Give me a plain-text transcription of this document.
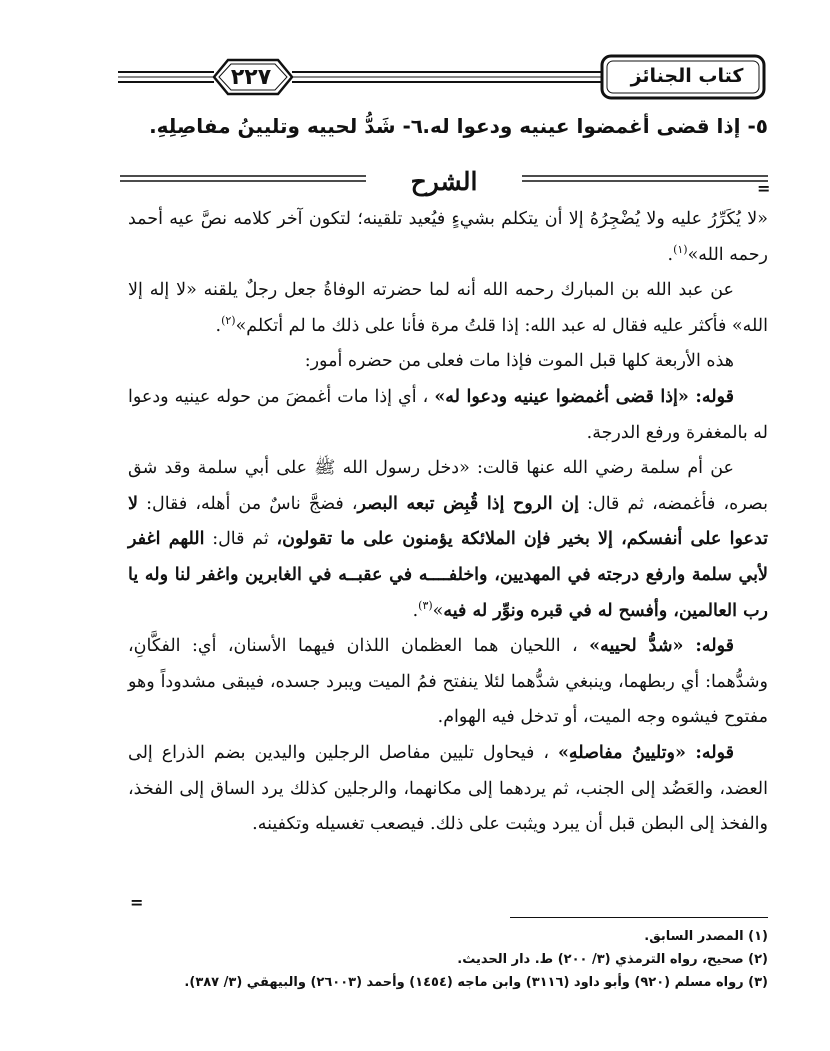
٢٢٧	كتاب الجنائز
٥- إذا قضى أغمضوا عينيه ودعوا له.
٦- شَدُّ لحييه وتليينُ مفاصِلِهِ.
الشرح	=

«لا يُكَرِّرُ عليه ولا يُضْجِرُهُ إلا أن يتكلم بشيءٍ فيُعيد تلقينه؛ لتكون آخر كلامه نصَّ عيه أحمد رحمه الله»$^{(١)}$.

عن عبد الله بن المبارك رحمه الله أنه لما حضرته الوفاةُ جعل رجلٌ يلقنه «لا إله إلا الله» فأكثر عليه فقال له عبد الله: إذا قلتُ مرة فأنا على ذلك ما لم أتكلم»$^{(٢)}$.

هذه الأربعة كلها قبل الموت فإذا مات فعلى من حضره أمور:

قوله: «إذا قضى أغمضوا عينيه ودعوا له» ، أي إذا مات أغمضَ من حوله عينيه ودعوا له بالمغفرة ورفع الدرجة.

عن أم سلمة رضي الله عنها قالت: «دخل رسول الله ﷺ على أبي سلمة وقد شق بصره، فأغمضه، ثم قال: إن الروح إذا قُبِض تبعه البصر، فضجَّ ناسٌ من أهله، فقال: لا تدعوا على أنفسكم، إلا بخير فإن الملائكة يؤمنون على ما تقولون، ثم قال: اللهم اغفر لأبي سلمة وارفع درجته في المهديين، واخلفــــه في عقبــه في الغابرين واغفر لنا وله يا رب العالمين، وأفسح له في قبره ونوِّر له فيه»$^{(٣)}$.

قوله: «شدُّ لحييه» ، اللحيان هما العظمان اللذان فيهما الأسنان، أي: الفكَّانِ، وشدُّهما: أي ربطهما، وينبغي شدُّهما لئلا ينفتح فمُ الميت ويبرد جسده، فيبقى مشدوداً وهو مفتوح فيشوه وجه الميت، أو تدخل فيه الهوام.

قوله: «وتليينُ مفاصلهِ» ، فيحاول تليين مفاصل الرجلين واليدين بضم الذراع إلى العضد، والعَضُد إلى الجنب، ثم يردهما إلى مكانهما، والرجلين كذلك يرد الساق إلى الفخذ، والفخذ إلى البطن قبل أن يبرد ويثبت على ذلك. فيصعب تغسيله وتكفينه.

=

(١) المصدر السابق.

(٢) صحيح، رواه الترمذي (٣/ ٢٠٠) ط. دار الحديث.

(٣) رواه مسلم (٩٢٠) وأبو داود (٣١١٦) وابن ماجه (١٤٥٤) وأحمد (٢٦٠٠٣) والبيهقي (٣/ ٣٨٧).
